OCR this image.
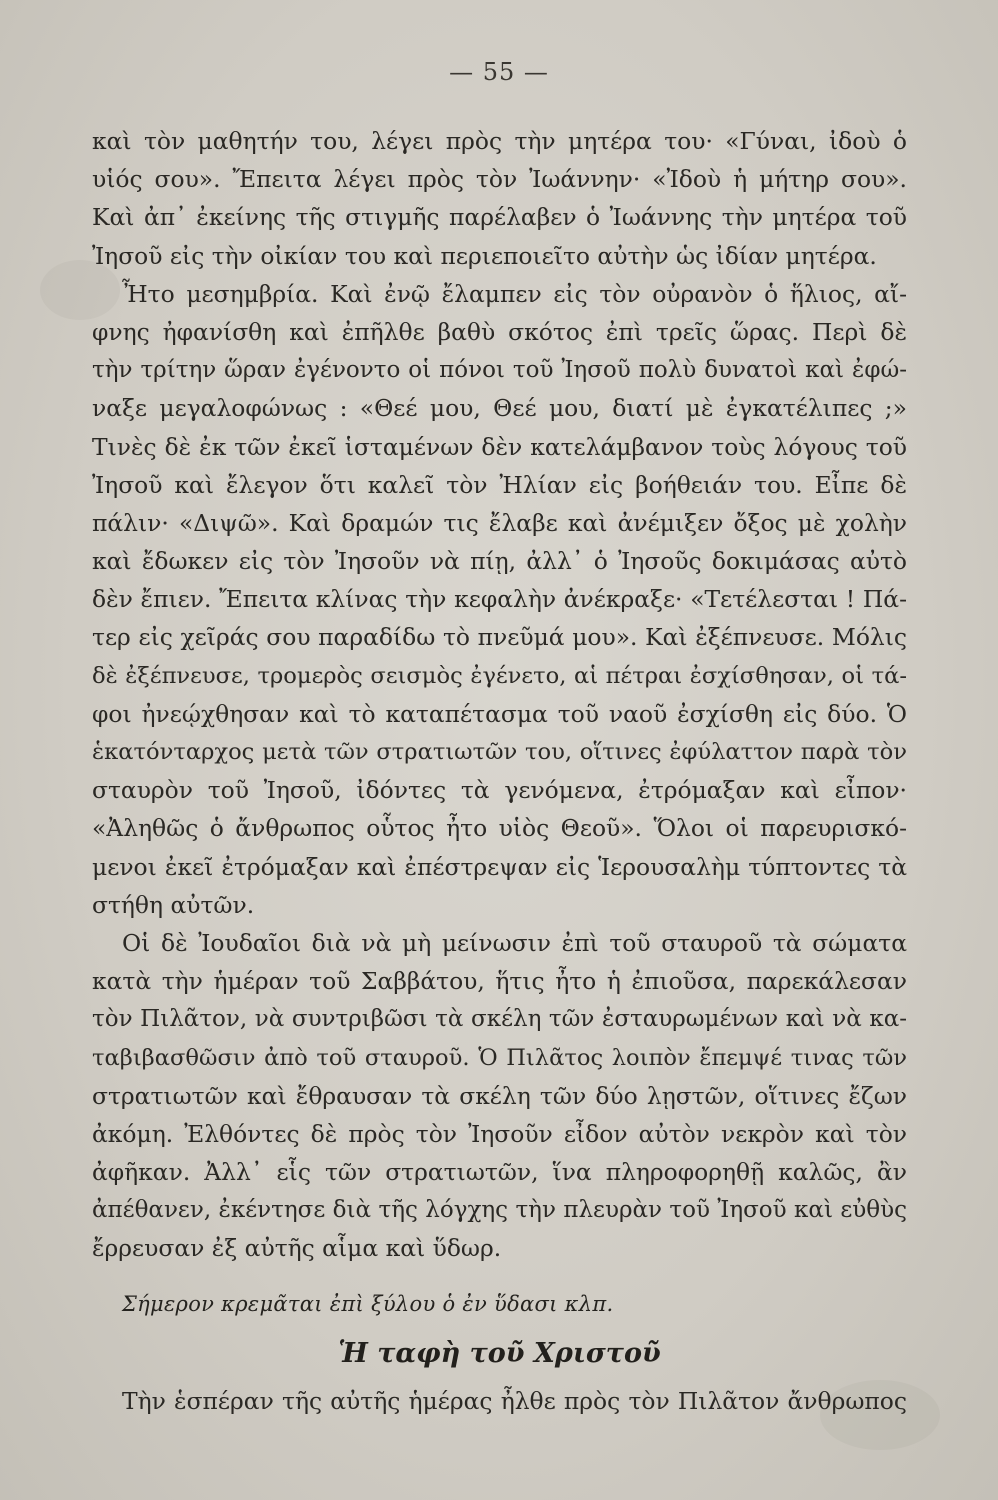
— 55 —
καὶ τὸν μαθητήν του, λέγει πρὸς τὴν μητέρα του· «Γύναι, ἰδοὺ ὁ
υἱός σου». Ἔπειτα λέγει πρὸς τὸν Ἰωάννην· «Ἰδοὺ ἡ μήτηρ σου».
Καὶ ἀπ᾿ ἐκείνης τῆς στιγμῆς παρέλαβεν ὁ Ἰωάννης τὴν μητέρα τοῦ
Ἰησοῦ εἰς τὴν οἰκίαν του καὶ περιεποιεῖτο αὐτὴν ὡς ἰδίαν μητέρα.
Ἦτο μεσημβρία. Καὶ ἐνῷ ἔλαμπεν εἰς τὸν οὐρανὸν ὁ ἥλιος, αἴ-
φνης ἠφανίσθη καὶ ἐπῆλθε βαθὺ σκότος ἐπὶ τρεῖς ὥρας. Περὶ δὲ
τὴν τρίτην ὥραν ἐγένοντο οἱ πόνοι τοῦ Ἰησοῦ πολὺ δυνατοὶ καὶ ἐφώ-
ναξε μεγαλοφώνως : «Θεέ μου, Θεέ μου, διατί μὲ ἐγκατέλιπες ;»
Τινὲς δὲ ἐκ τῶν ἐκεῖ ἱσταμένων δὲν κατελάμβανον τοὺς λόγους τοῦ
Ἰησοῦ καὶ ἔλεγον ὅτι καλεῖ τὸν Ἠλίαν εἰς βοήθειάν του. Εἶπε δὲ
πάλιν· «Διψῶ». Καὶ δραμών τις ἔλαβε καὶ ἀνέμιξεν ὄξος μὲ χολὴν
καὶ ἔδωκεν εἰς τὸν Ἰησοῦν νὰ πίῃ, ἀλλ᾿ ὁ Ἰησοῦς δοκιμάσας αὐτὸ
δὲν ἔπιεν. Ἔπειτα κλίνας τὴν κεφαλὴν ἀνέκραξε· «Τετέλεσται ! Πά-
τερ εἰς χεῖράς σου παραδίδω τὸ πνεῦμά μου». Καὶ ἐξέπνευσε. Μόλις
δὲ ἐξέπνευσε, τρομερὸς σεισμὸς ἐγένετο, αἱ πέτραι ἐσχίσθησαν, οἱ τά-
φοι ἠνεῴχθησαν καὶ τὸ καταπέτασμα τοῦ ναοῦ ἐσχίσθη εἰς δύο. Ὁ
ἑκατόνταρχος μετὰ τῶν στρατιωτῶν του, οἵτινες ἐφύλαττον παρὰ τὸν
σταυρὸν τοῦ Ἰησοῦ, ἰδόντες τὰ γενόμενα, ἐτρόμαξαν καὶ εἶπον·
«Ἀληθῶς ὁ ἄνθρωπος οὗτος ἦτο υἱὸς Θεοῦ». Ὅλοι οἱ παρευρισκό-
μενοι ἐκεῖ ἐτρόμαξαν καὶ ἐπέστρεψαν εἰς Ἱερουσαλὴμ τύπτοντες τὰ
στήθη αὐτῶν.
Οἱ δὲ Ἰουδαῖοι διὰ νὰ μὴ μείνωσιν ἐπὶ τοῦ σταυροῦ τὰ σώματα
κατὰ τὴν ἡμέραν τοῦ Σαββάτου, ἥτις ἦτο ἡ ἐπιοῦσα, παρεκάλεσαν
τὸν Πιλᾶτον, νὰ συντριβῶσι τὰ σκέλη τῶν ἐσταυρωμένων καὶ νὰ κα-
ταβιβασθῶσιν ἀπὸ τοῦ σταυροῦ. Ὁ Πιλᾶτος λοιπὸν ἔπεμψέ τινας τῶν
στρατιωτῶν καὶ ἔθραυσαν τὰ σκέλη τῶν δύο λῃστῶν, οἵτινες ἔζων
ἀκόμη. Ἐλθόντες δὲ πρὸς τὸν Ἰησοῦν εἶδον αὐτὸν νεκρὸν καὶ τὸν
ἀφῆκαν. Ἀλλ᾿ εἷς τῶν στρατιωτῶν, ἵνα πληροφορηθῇ καλῶς, ἂν
ἀπέθανεν, ἐκέντησε διὰ τῆς λόγχης τὴν πλευρὰν τοῦ Ἰησοῦ καὶ εὐθὺς
ἔρρευσαν ἐξ αὐτῆς αἷμα καὶ ὕδωρ.
Σήμερον κρεμᾶται ἐπὶ ξύλου ὁ ἐν ὕδασι κλπ.
Ἡ ταφὴ τοῦ Χριστοῦ
Τὴν ἑσπέραν τῆς αὐτῆς ἡμέρας ἦλθε πρὸς τὸν Πιλᾶτον ἄνθρωπος
